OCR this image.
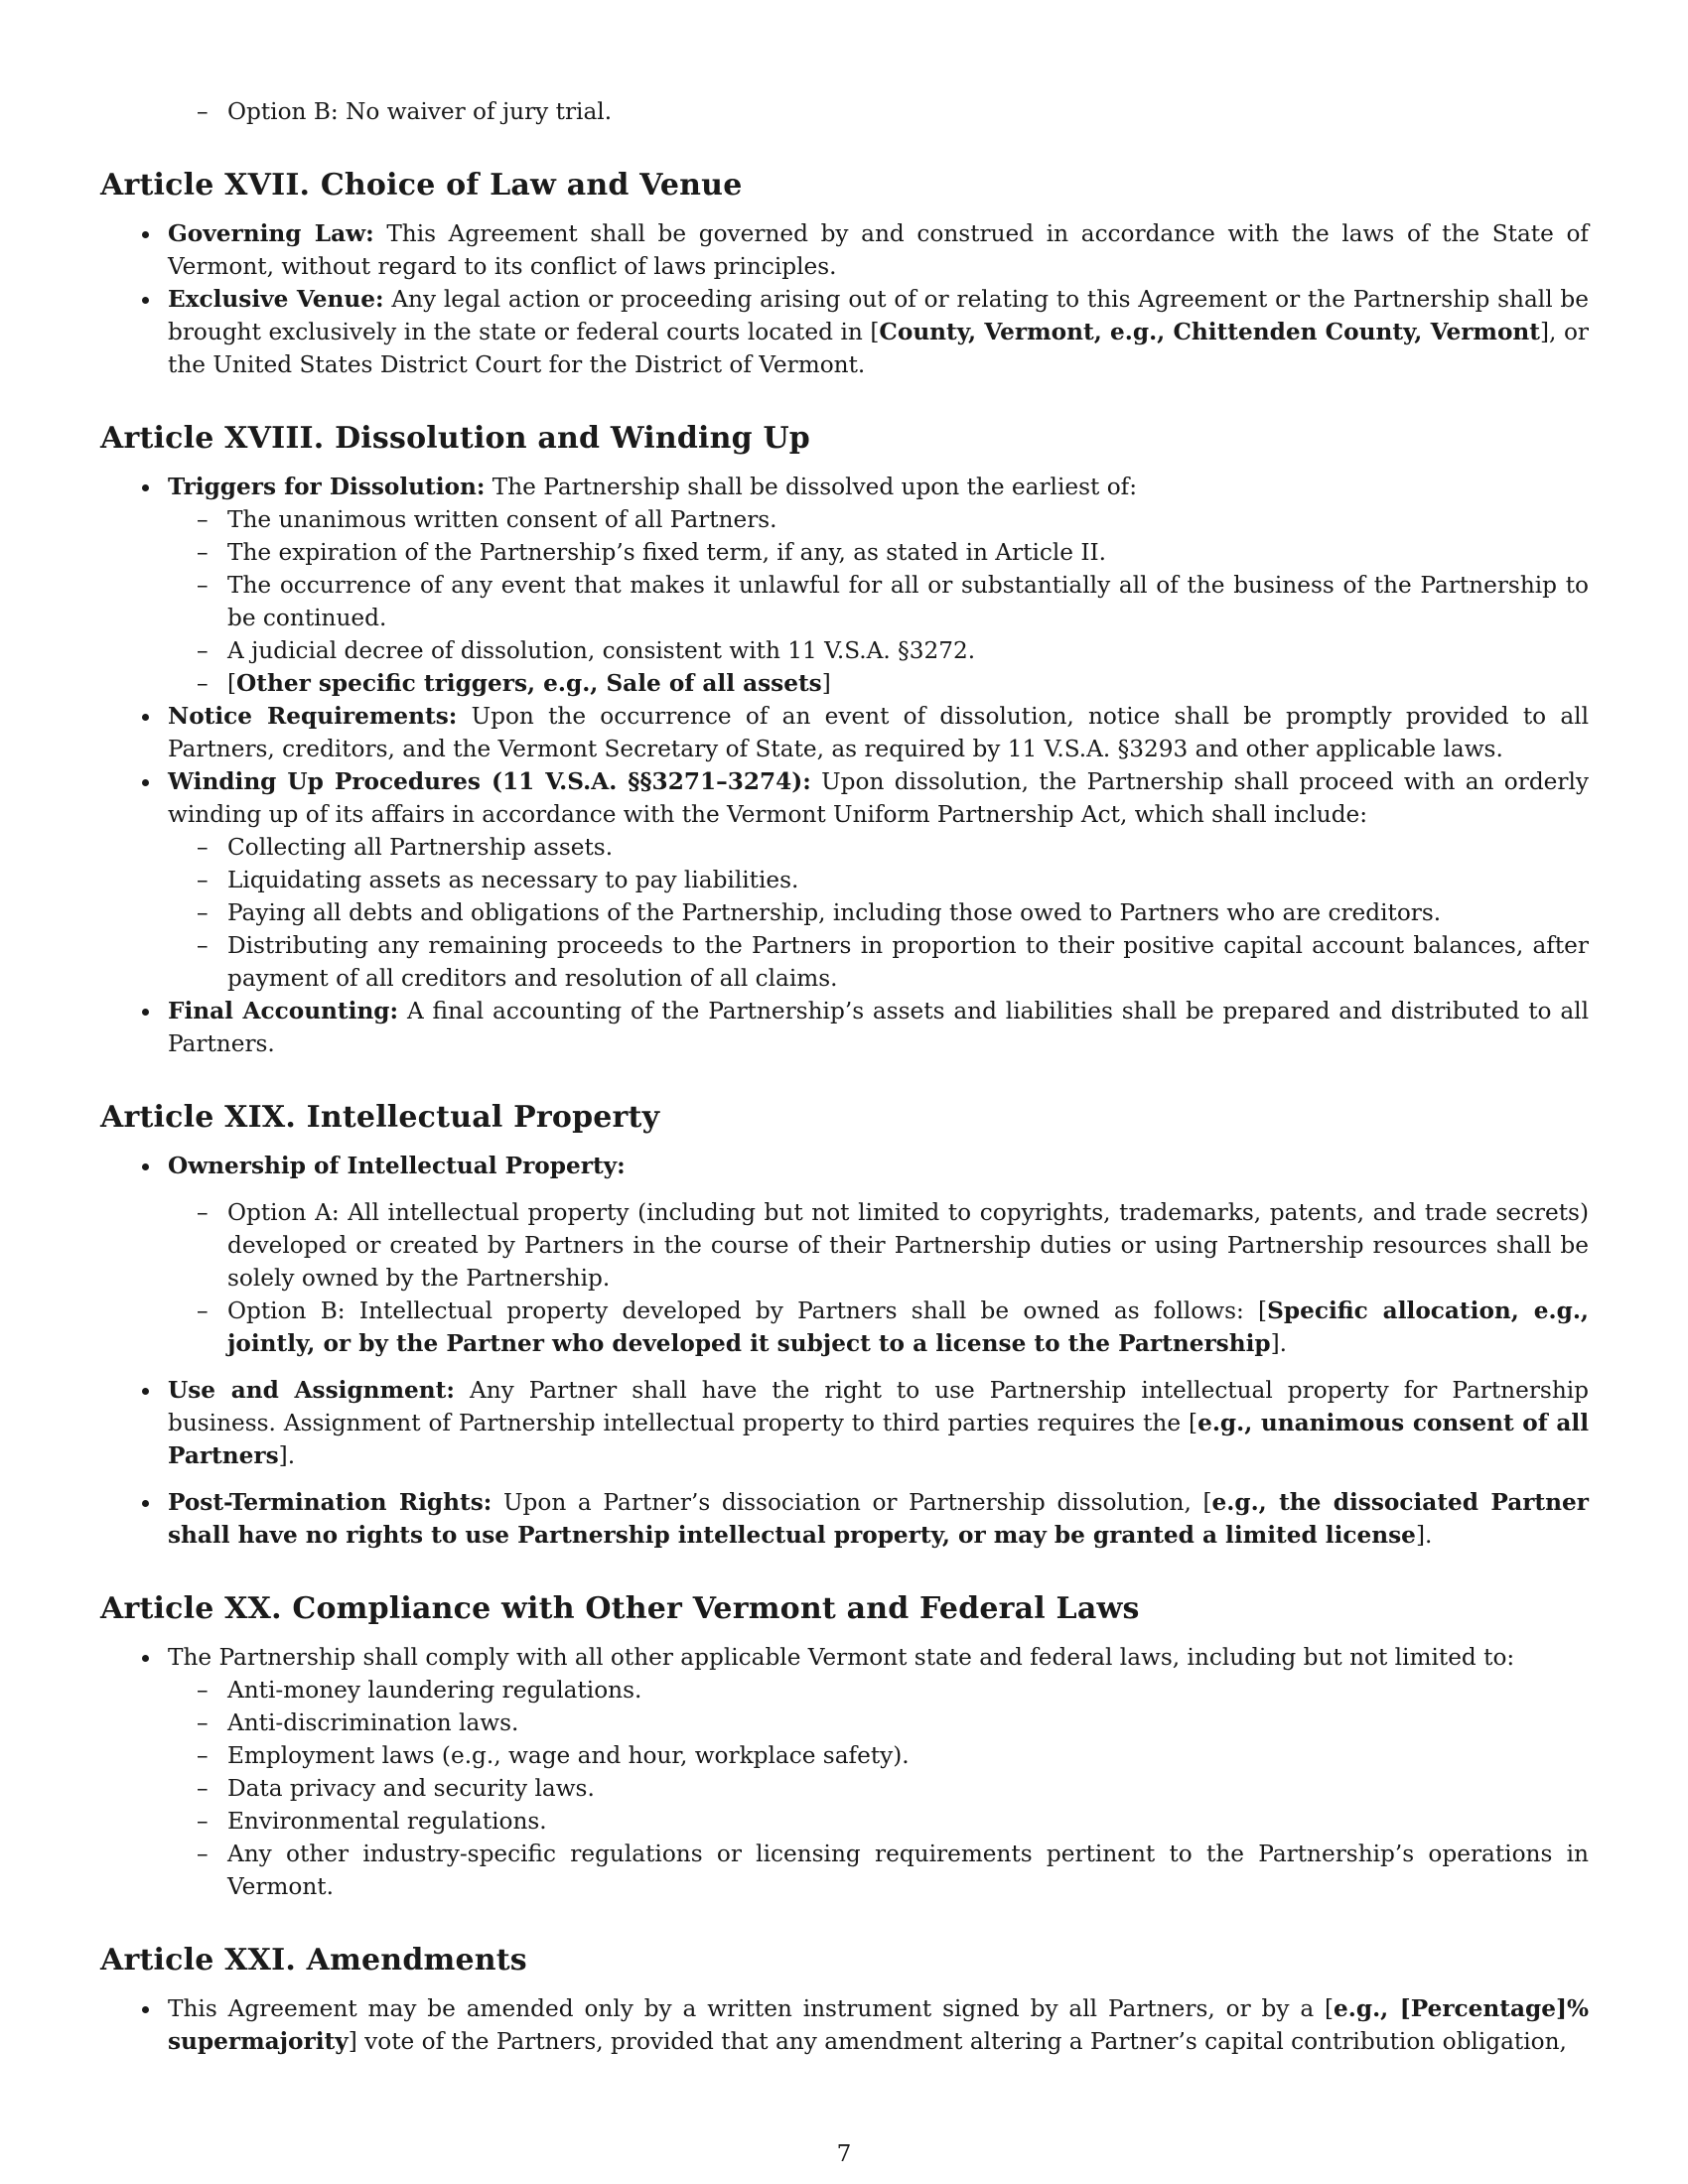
– Option B: No waiver of jury trial.

Article XVII. Choice of Law and Venue

Governing Law: This Agreement shall be governed by and construed in accordance with the laws of the State of Vermont, without regard to its conflict of laws principles.

Exclusive Venue: Any legal action or proceeding arising out of or relating to this Agreement or the Partnership shall be brought exclusively in the state or federal courts located in [County, Vermont, e.g., Chittenden County, Vermont], or the United States District Court for the District of Vermont.

Article XVIII. Dissolution and Winding Up

Triggers for Dissolution: The Partnership shall be dissolved upon the earliest of:

– The unanimous written consent of all Partners.

– The expiration of the Partnership’s fixed term, if any, as stated in Article II.

– The occurrence of any event that makes it unlawful for all or substantially all of the business of the Partnership to be continued.

– A judicial decree of dissolution, consistent with 11 V.S.A. §3272.

– [Other specific triggers, e.g., Sale of all assets]

Notice Requirements: Upon the occurrence of an event of dissolution, notice shall be promptly provided to all Partners, creditors, and the Vermont Secretary of State, as required by 11 V.S.A. §3293 and other applicable laws.

Winding Up Procedures (11 V.S.A. §§3271–3274): Upon dissolution, the Partnership shall proceed with an orderly winding up of its affairs in accordance with the Vermont Uniform Partnership Act, which shall include:

– Collecting all Partnership assets.

– Liquidating assets as necessary to pay liabilities.

– Paying all debts and obligations of the Partnership, including those owed to Partners who are creditors.

– Distributing any remaining proceeds to the Partners in proportion to their positive capital account balances, after payment of all creditors and resolution of all claims.

Final Accounting: A final accounting of the Partnership’s assets and liabilities shall be prepared and distributed to all Partners.

Article XIX. Intellectual Property

Ownership of Intellectual Property:

– Option A: All intellectual property (including but not limited to copyrights, trademarks, patents, and trade secrets) developed or created by Partners in the course of their Partnership duties or using Partnership resources shall be solely owned by the Partnership.

– Option B: Intellectual property developed by Partners shall be owned as follows: [Specific allocation, e.g., jointly, or by the Partner who developed it subject to a license to the Partnership].

Use and Assignment: Any Partner shall have the right to use Partnership intellectual property for Partnership business. Assignment of Partnership intellectual property to third parties requires the [e.g., unanimous consent of all Partners].

Post-Termination Rights: Upon a Partner’s dissociation or Partnership dissolution, [e.g., the dissociated Partner shall have no rights to use Partnership intellectual property, or may be granted a limited license].

Article XX. Compliance with Other Vermont and Federal Laws

The Partnership shall comply with all other applicable Vermont state and federal laws, including but not limited to:

– Anti-money laundering regulations.

– Anti-discrimination laws.

– Employment laws (e.g., wage and hour, workplace safety).

– Data privacy and security laws.

– Environmental regulations.

– Any other industry-specific regulations or licensing requirements pertinent to the Partnership’s operations in Vermont.

Article XXI. Amendments

This Agreement may be amended only by a written instrument signed by all Partners, or by a [e.g., [Percentage]% supermajority] vote of the Partners, provided that any amendment altering a Partner’s capital contribution obligation,

7
